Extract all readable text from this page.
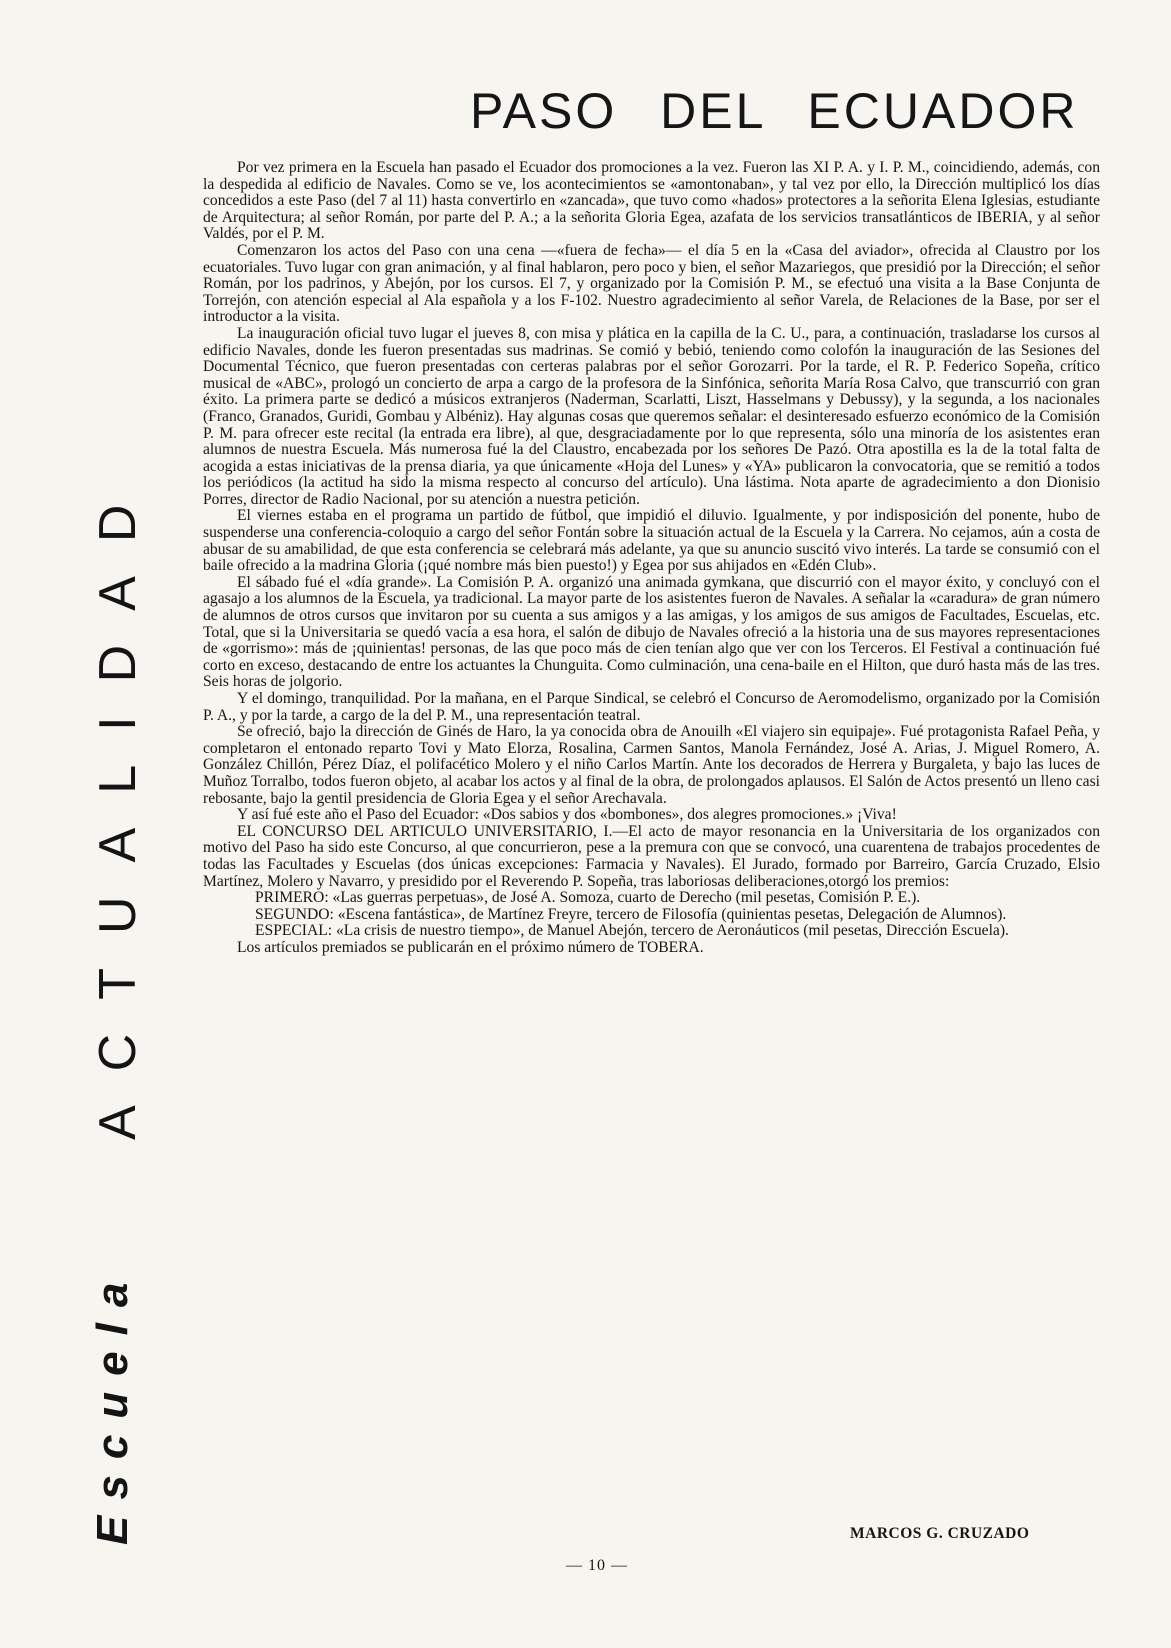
PASO DEL ECUADOR
ACTUALIDAD
Escuela

Por vez primera en la Escuela han pasado el Ecuador dos promociones a la vez. Fueron las XI P. A. y I. P. M., coincidiendo, además, con la despedida al edificio de Navales. Como se ve, los acontecimientos se «amontonaban», y tal vez por ello, la Dirección multiplicó los días concedidos a este Paso (del 7 al 11) hasta convertirlo en «zancada», que tuvo como «hados» protectores a la señorita Elena Iglesias, estudiante de Arquitectura; al señor Román, por parte del P. A.; a la señorita Gloria Egea, azafata de los servicios transatlánticos de IBERIA, y al señor Valdés, por el P. M.

Comenzaron los actos del Paso con una cena —«fuera de fecha»— el día 5 en la «Casa del aviador», ofrecida al Claustro por los ecuatoriales. Tuvo lugar con gran animación, y al final hablaron, pero poco y bien, el señor Mazariegos, que presidió por la Dirección; el señor Román, por los padrinos, y Abejón, por los cursos. El 7, y organizado por la Comisión P. M., se efectuó una visita a la Base Conjunta de Torrejón, con atención especial al Ala española y a los F-102. Nuestro agradecimiento al señor Varela, de Relaciones de la Base, por ser el introductor a la visita.

La inauguración oficial tuvo lugar el jueves 8, con misa y plática en la capilla de la C. U., para, a continuación, trasladarse los cursos al edificio Navales, donde les fueron presentadas sus madrinas. Se comió y bebió, teniendo como colofón la inauguración de las Sesiones del Documental Técnico, que fueron presentadas con certeras palabras por el señor Gorozarri. Por la tarde, el R. P. Federico Sopeña, crítico musical de «ABC», prologó un concierto de arpa a cargo de la profesora de la Sinfónica, señorita María Rosa Calvo, que transcurrió con gran éxito. La primera parte se dedicó a músicos extranjeros (Naderman, Scarlatti, Liszt, Hasselmans y Debussy), y la segunda, a los nacionales (Franco, Granados, Guridi, Gombau y Albéniz). Hay algunas cosas que queremos señalar: el desinteresado esfuerzo económico de la Comisión P. M. para ofrecer este recital (la entrada era libre), al que, desgraciadamente por lo que representa, sólo una minoría de los asistentes eran alumnos de nuestra Escuela. Más numerosa fué la del Claustro, encabezada por los señores De Pazó. Otra apostilla es la de la total falta de acogida a estas iniciativas de la prensa diaria, ya que únicamente «Hoja del Lunes» y «YA» publicaron la convocatoria, que se remitió a todos los periódicos (la actitud ha sido la misma respecto al concurso del artículo). Una lástima. Nota aparte de agradecimiento a don Dionisio Porres, director de Radio Nacional, por su atención a nuestra petición.

El viernes estaba en el programa un partido de fútbol, que impidió el diluvio. Igualmente, y por indisposición del ponente, hubo de suspenderse una conferencia-coloquio a cargo del señor Fontán sobre la situación actual de la Escuela y la Carrera. No cejamos, aún a costa de abusar de su amabilidad, de que esta conferencia se celebrará más adelante, ya que su anuncio suscitó vivo interés. La tarde se consumió con el baile ofrecido a la madrina Gloria (¡qué nombre más bien puesto!) y Egea por sus ahijados en «Edén Club».

El sábado fué el «día grande». La Comisión P. A. organizó una animada gymkana, que discurrió con el mayor éxito, y concluyó con el agasajo a los alumnos de la Escuela, ya tradicional. La mayor parte de los asistentes fueron de Navales. A señalar la «caradura» de gran número de alumnos de otros cursos que invitaron por su cuenta a sus amigos y a las amigas, y los amigos de sus amigos de Facultades, Escuelas, etc. Total, que si la Universitaria se quedó vacía a esa hora, el salón de dibujo de Navales ofreció a la historia una de sus mayores representaciones de «gorrismo»: más de ¡quinientas! personas, de las que poco más de cien tenían algo que ver con los Terceros. El Festival a continuación fué corto en exceso, destacando de entre los actuantes la Chunguita. Como culminación, una cena-baile en el Hilton, que duró hasta más de las tres. Seis horas de jolgorio.

Y el domingo, tranquilidad. Por la mañana, en el Parque Sindical, se celebró el Concurso de Aeromodelismo, organizado por la Comisión P. A., y por la tarde, a cargo de la del P. M., una representación teatral.

Se ofreció, bajo la dirección de Ginés de Haro, la ya conocida obra de Anouilh «El viajero sin equipaje». Fué protagonista Rafael Peña, y completaron el entonado reparto Tovi y Mato Elorza, Rosalina, Carmen Santos, Manola Fernández, José A. Arias, J. Miguel Romero, A. González Chillón, Pérez Díaz, el polifacético Molero y el niño Carlos Martín. Ante los decorados de Herrera y Burgaleta, y bajo las luces de Muñoz Torralbo, todos fueron objeto, al acabar los actos y al final de la obra, de prolongados aplausos. El Salón de Actos presentó un lleno casi rebosante, bajo la gentil presidencia de Gloria Egea y el señor Arechavala.

Y así fué este año el Paso del Ecuador: «Dos sabios y dos «bombones», dos alegres promociones.» ¡Viva!

EL CONCURSO DEL ARTICULO UNIVERSITARIO, I.—El acto de mayor resonancia en la Universitaria de los organizados con motivo del Paso ha sido este Concurso, al que concurrieron, pese a la premura con que se convocó, una cuarentena de trabajos procedentes de todas las Facultades y Escuelas (dos únicas excepciones: Farmacia y Navales). El Jurado, formado por Barreiro, García Cruzado, Elsio Martínez, Molero y Navarro, y presidido por el Reverendo P. Sopeña, tras laboriosas deliberaciones,otorgó los premios:

PRIMERO: «Las guerras perpetuas», de José A. Somoza, cuarto de Derecho (mil pesetas, Comisión P. E.).

SEGUNDO: «Escena fantástica», de Martínez Freyre, tercero de Filosofía (quinientas pesetas, Delegación de Alumnos).

ESPECIAL: «La crisis de nuestro tiempo», de Manuel Abejón, tercero de Aeronáuticos (mil pesetas, Dirección Escuela).

Los artículos premiados se publicarán en el próximo número de TOBERA.

MARCOS G. CRUZADO
— 10 —
